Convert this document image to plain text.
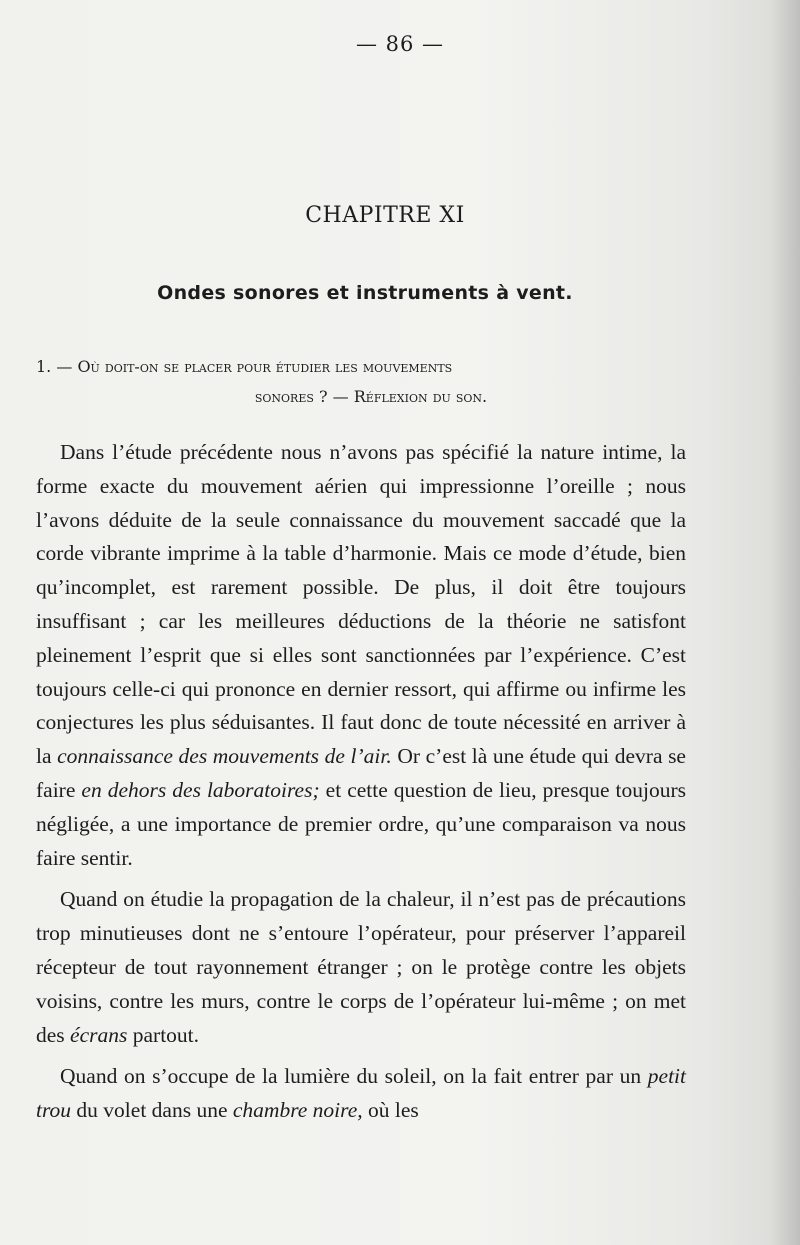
— 86 —
CHAPITRE XI
Ondes sonores et instruments à vent.
1. — Où doit-on se placer pour étudier les mouvements
sonores ? — Réflexion du son.

Dans l’étude précédente nous n’avons pas spécifié la nature intime, la forme exacte du mouvement aérien qui impressionne l’oreille ; nous l’avons déduite de la seule connaissance du mouvement saccadé que la corde vibrante imprime à la table d’harmonie. Mais ce mode d’étude, bien qu’incomplet, est rarement possible. De plus, il doit être toujours insuffisant ; car les meilleures déductions de la théorie ne satisfont pleinement l’esprit que si elles sont sanctionnées par l’expérience. C’est toujours celle-ci qui prononce en dernier ressort, qui affirme ou infirme les conjectures les plus séduisantes. Il faut donc de toute nécessité en arriver à la connaissance des mouvements de l’air. Or c’est là une étude qui devra se faire en dehors des laboratoires; et cette question de lieu, presque toujours négligée, a une importance de premier ordre, qu’une comparaison va nous faire sentir.

Quand on étudie la propagation de la chaleur, il n’est pas de précautions trop minutieuses dont ne s’entoure l’opérateur, pour préserver l’appareil récepteur de tout rayonnement étranger ; on le protège contre les objets voisins, contre les murs, contre le corps de l’opérateur lui-même ; on met des écrans partout.

Quand on s’occupe de la lumière du soleil, on la fait entrer par un petit trou du volet dans une chambre noire, où les
